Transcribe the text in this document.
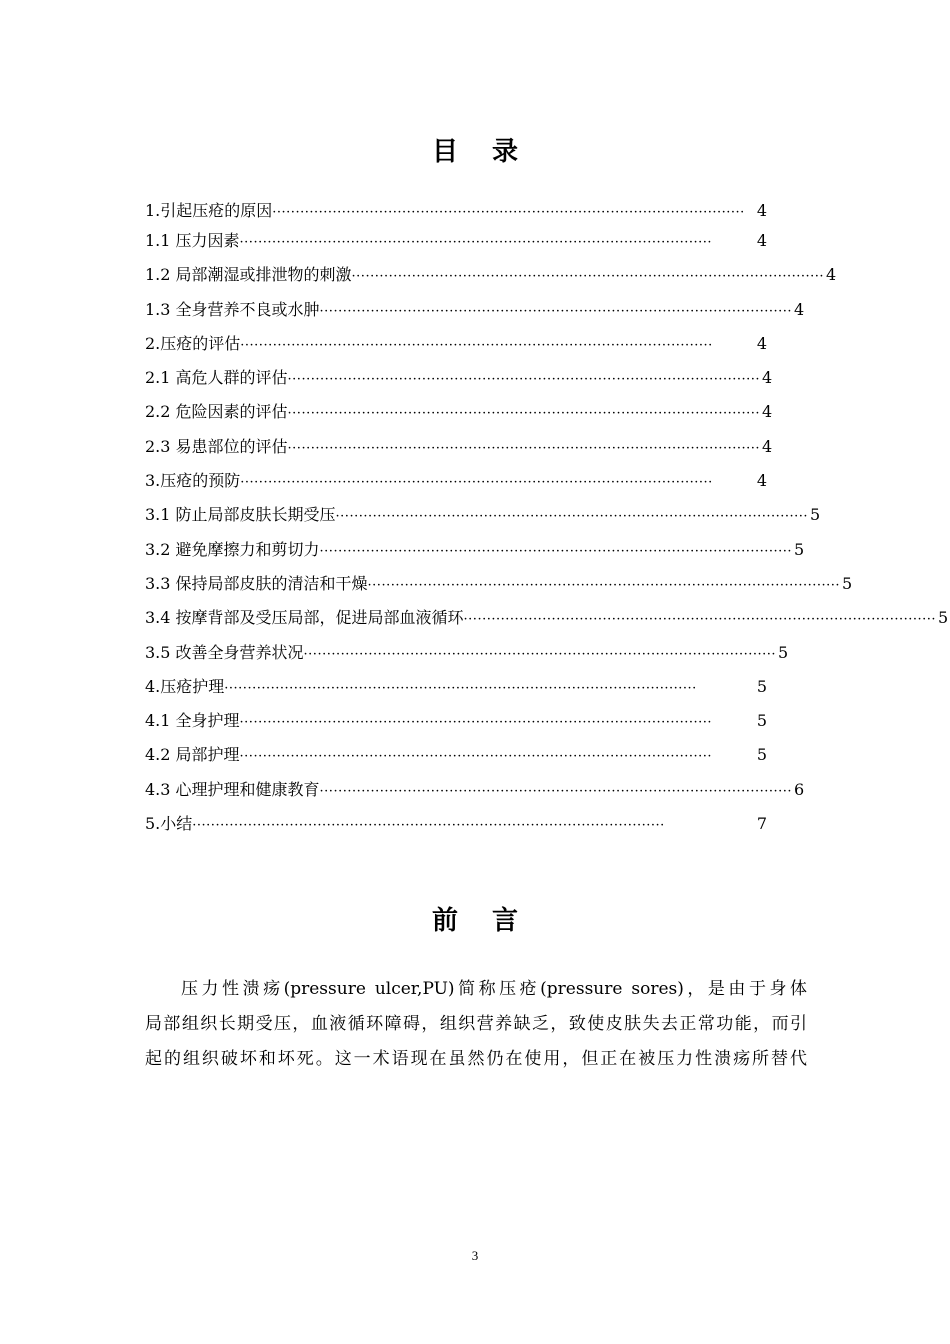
目 录
1.引起压疮的原因 ······································································································ 4
1.1 压力因素 ······································································································	4
1.2 局部潮湿或排泄物的刺激 ······································································································ 4
1.3 全身营养不良或水肿 ······································································································ 4
2.压疮的评估 ······································································································	4
2.1 高危人群的评估 ······································································································ 4
2.2 危险因素的评估 ······································································································ 4
2.3 易患部位的评估 ······································································································ 4
3.压疮的预防 ······································································································	4
3.1 防止局部皮肤长期受压 ······································································································ 5
3.2 避免摩擦力和剪切力 ······································································································ 5
3.3 保持局部皮肤的清洁和干燥 ······································································································ 5
3.4 按摩背部及受压局部，促进局部血液循环 ······································································································ 5
3.5 改善全身营养状况 ······································································································ 5
4.压疮护理 ······································································································	5
4.1 全身护理 ······································································································	5
4.2 局部护理 ······································································································	5
4.3 心理护理和健康教育 ······································································································ 6
5.小结 ······································································································	7
前 言

压力性溃疡(pressure ulcer,PU)简称压疮(pressure sores)，是由于身体
局部组织长期受压，血液循环障碍，组织营养缺乏，致使皮肤失去正常功能，而引
起的组织破坏和坏死。这一术语现在虽然仍在使用，但正在被压力性溃疡所替代

3
